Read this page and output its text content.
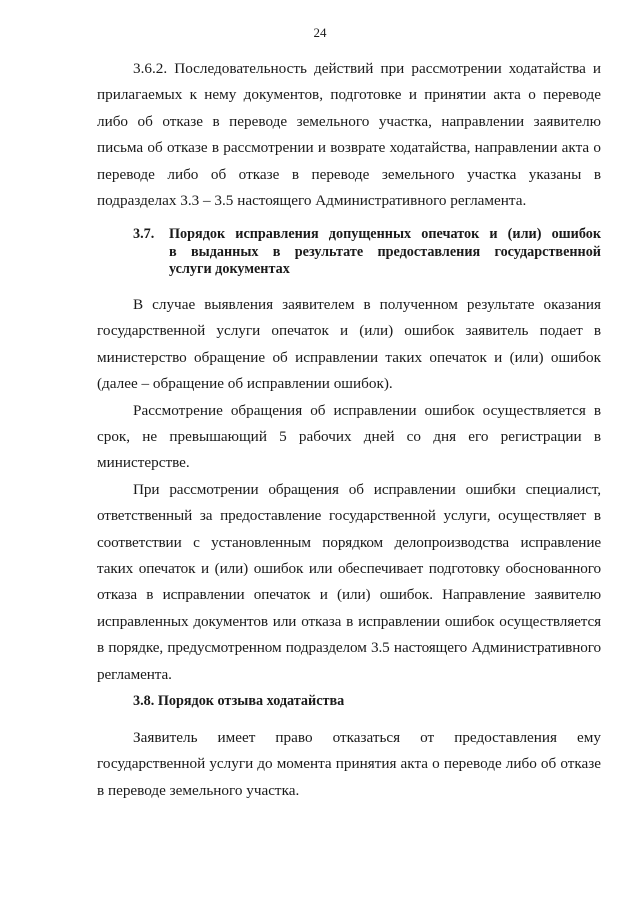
24

3.6.2. Последовательность действий при рассмотрении ходатайства и прилагаемых к нему документов, подготовке и принятии акта о переводе либо об отказе в переводе земельного участка, направлении заявителю письма об отказе в рассмотрении и возврате ходатайства, направлении акта о переводе либо об отказе в переводе земельного участка указаны в подразделах 3.3 – 3.5 настоящего Административного регламента.

3.7. Порядок исправления допущенных опечаток и (или) ошибок
в выданных в результате предоставления государственной
услуги документах

В случае выявления заявителем в полученном результате оказания государственной услуги опечаток и (или) ошибок заявитель подает в министерство обращение об исправлении таких опечаток и (или) ошибок (далее – обращение об исправлении ошибок).

Рассмотрение обращения об исправлении ошибок осуществляется в срок, не превышающий 5 рабочих дней со дня его регистрации в министерстве.

При рассмотрении обращения об исправлении ошибки специалист, ответственный за предоставление государственной услуги, осуществляет в соответствии с установленным порядком делопроизводства исправление таких опечаток и (или) ошибок или обеспечивает подготовку обоснованного отказа в исправлении опечаток и (или) ошибок. Направление заявителю исправленных документов или отказа в исправлении ошибок осуществляется в порядке, предусмотренном подразделом 3.5 настоящего Административного регламента.

3.8. Порядок отзыва ходатайства

Заявитель имеет право отказаться от предоставления ему государственной услуги до момента принятия акта о переводе либо об отказе в переводе земельного участка.
